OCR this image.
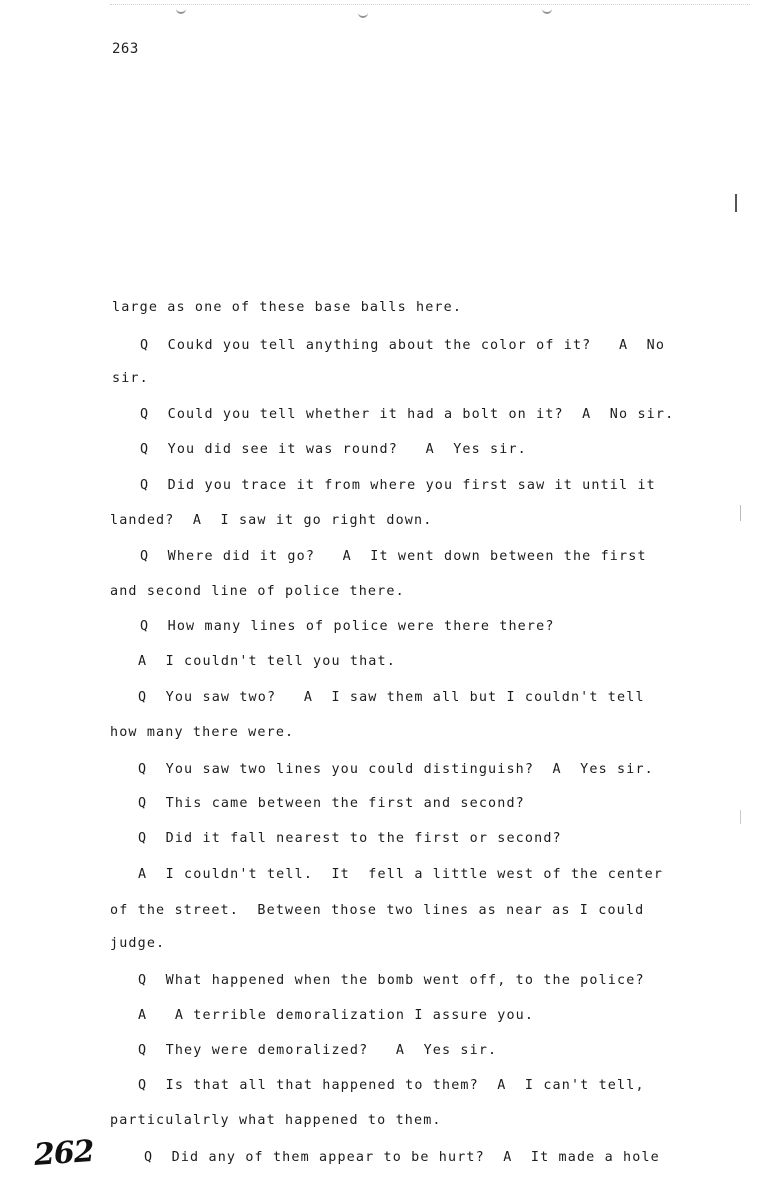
263
large as one of these base balls here.
Q  Coukd you tell anything about the color of it?   A  No
sir.
Q  Could you tell whether it had a bolt on it?  A  No sir.
Q  You did see it was round?   A  Yes sir.
Q  Did you trace it from where you first saw it until it
landed?  A  I saw it go right down.
Q  Where did it go?   A  It went down between the first
and second line of police there.
Q  How many lines of police were there there?
A  I couldn't tell you that.
Q  You saw two?   A  I saw them all but I couldn't tell
how many there were.
Q  You saw two lines you could distinguish?  A  Yes sir.
Q  This came between the first and second?
Q  Did it fall nearest to the first or second?
A  I couldn't tell.  It  fell a little west of the center
of the street.  Between those two lines as near as I could
judge.
Q  What happened when the bomb went off, to the police?
A   A terrible demoralization I assure you.
Q  They were demoralized?   A  Yes sir.
Q  Is that all that happened to them?  A  I can't tell,
particulalrly what happened to them.
Q  Did any of them appear to be hurt?  A  It made a hole
262
